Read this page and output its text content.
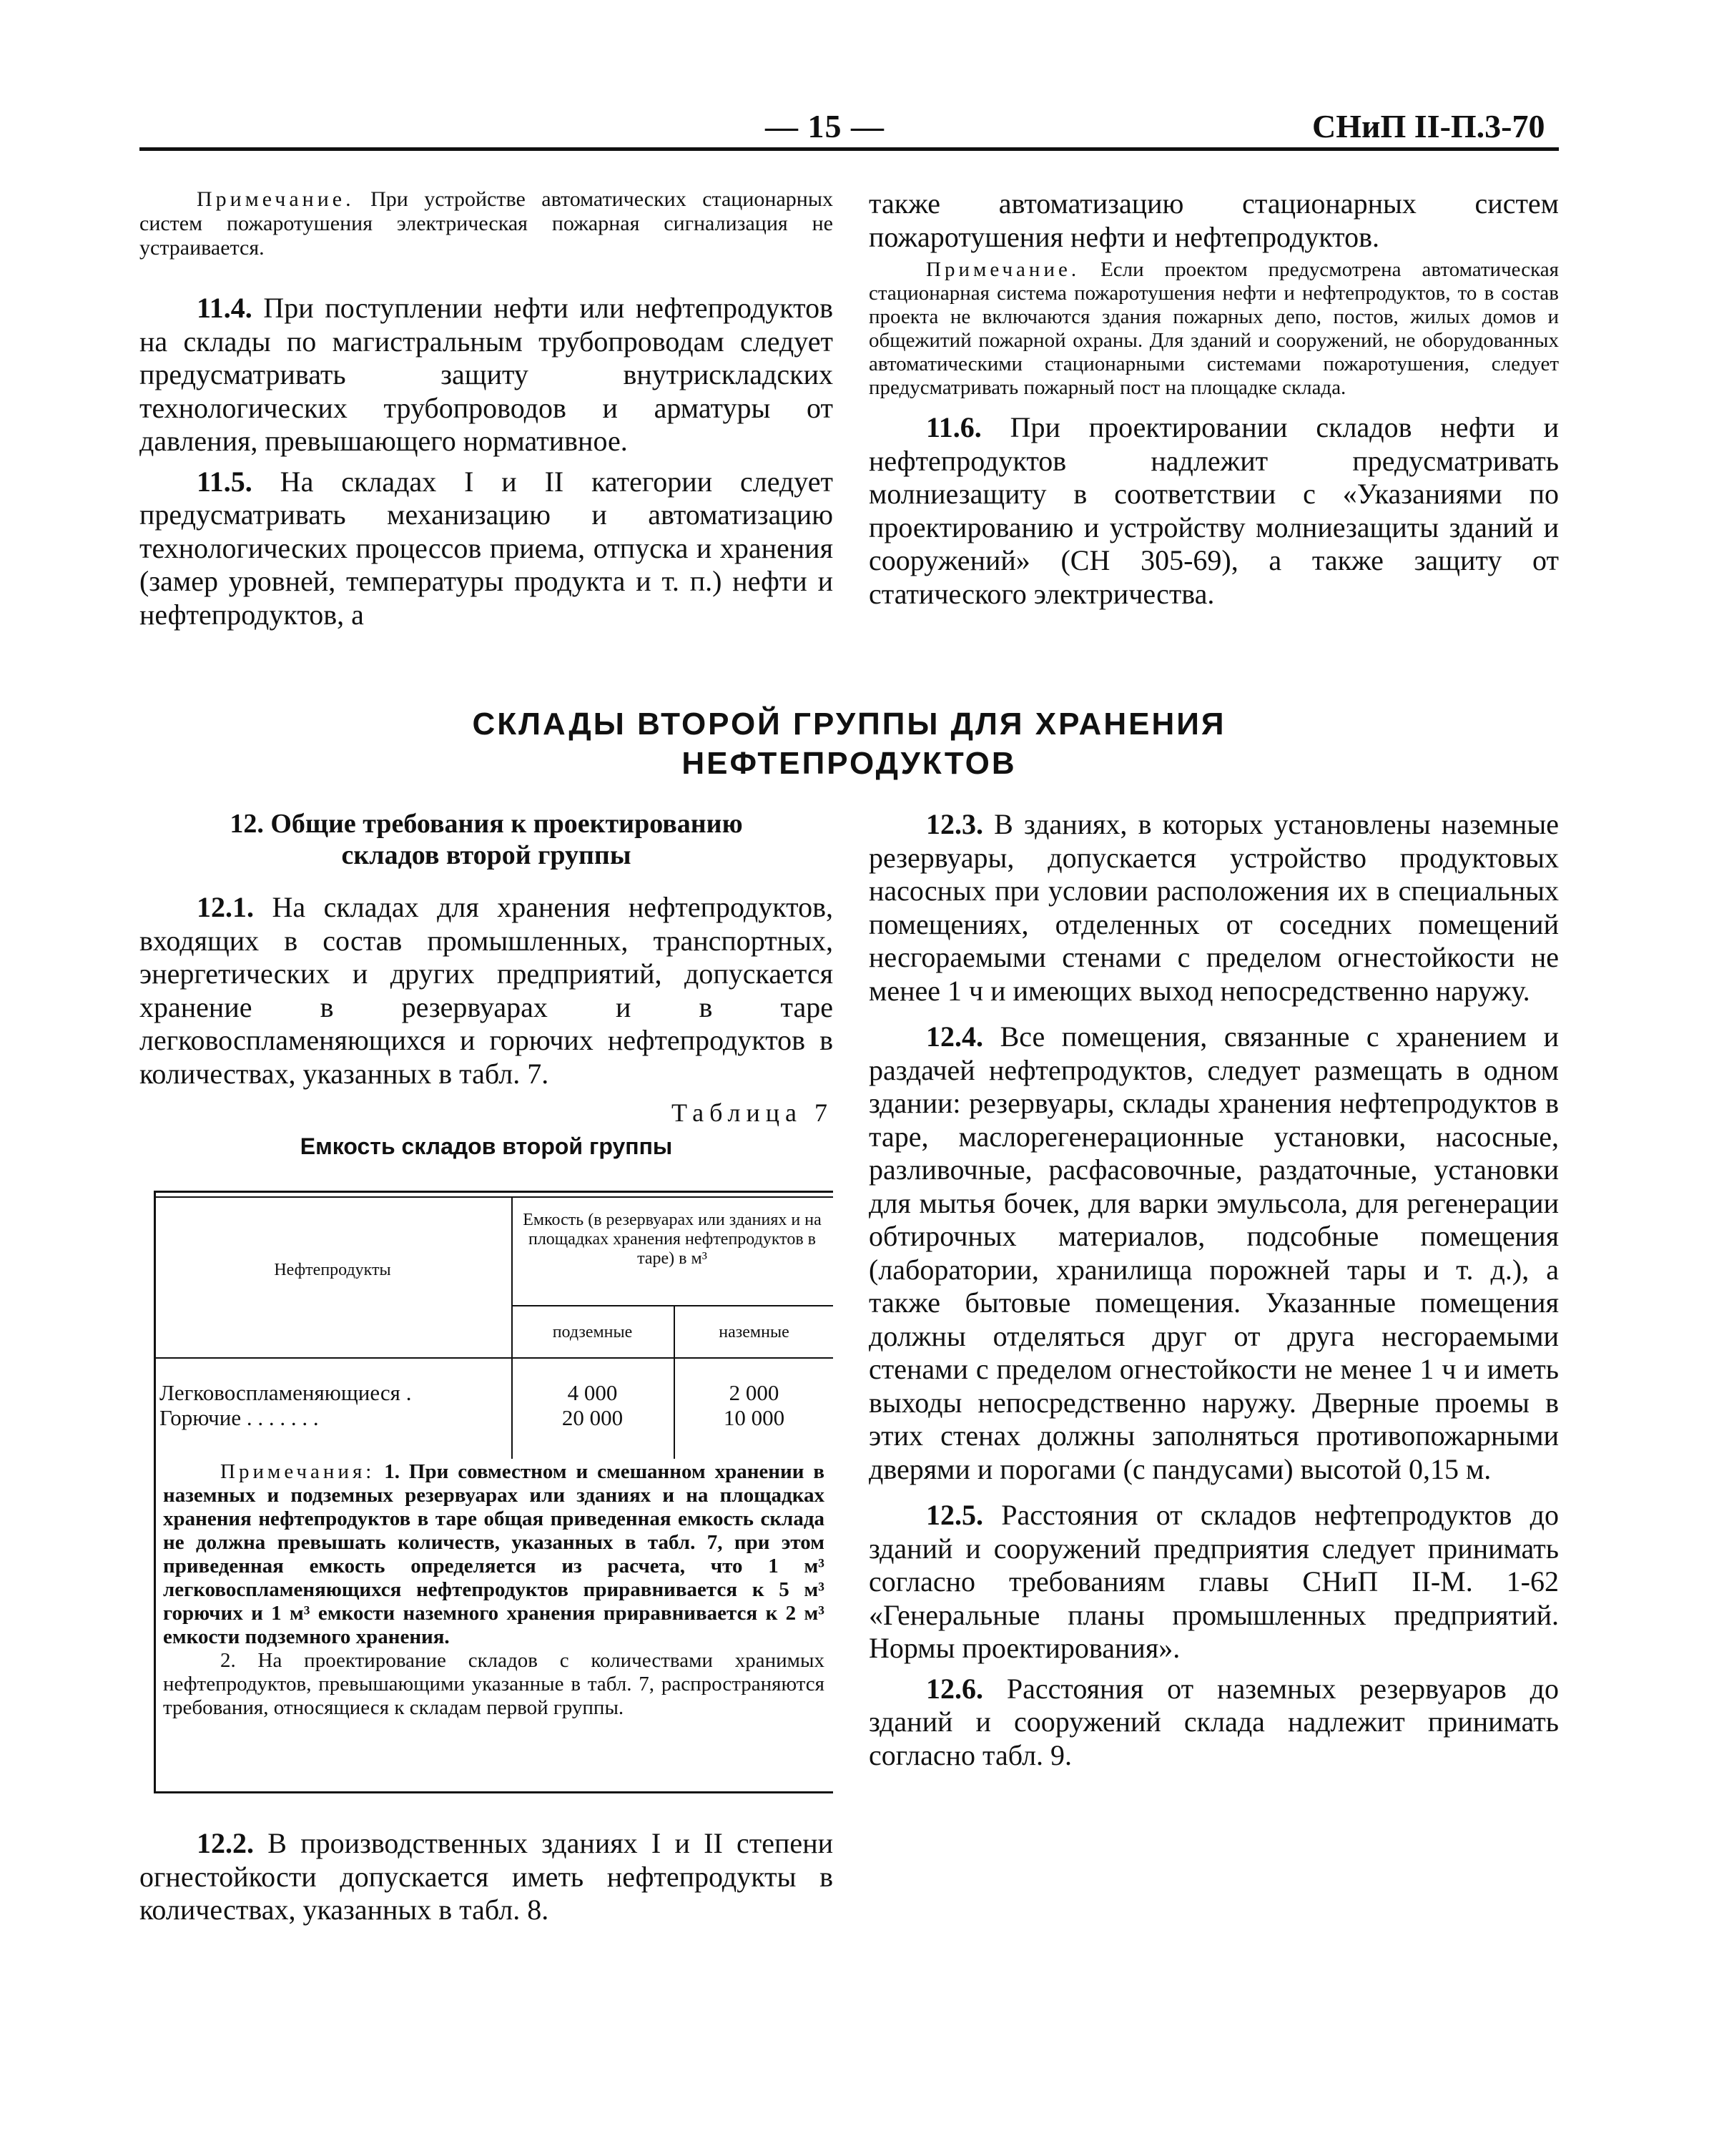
— 15 —	СНиП II-П.3-70

Примечание. При устройстве автоматических стационарных систем пожаротушения электрическая пожарная сигнализация не устраивается.

11.4. При поступлении нефти или нефтепродуктов на склады по магистральным трубопроводам следует предусматривать защиту внутрискладских технологических трубопроводов и арматуры от давления, превышающего нормативное.

11.5. На складах I и II категории следует предусматривать механизацию и автоматизацию технологических процессов приема, отпуска и хранения (замер уровней, температуры продукта и т. п.) нефти и нефтепродуктов, а

также автоматизацию стационарных систем пожаротушения нефти и нефтепродуктов.

Примечание. Если проектом предусмотрена автоматическая стационарная система пожаротушения нефти и нефтепродуктов, то в состав проекта не включаются здания пожарных депо, постов, жилых домов и общежитий пожарной охраны. Для зданий и сооружений, не оборудованных автоматическими стационарными системами пожаротушения, следует предусматривать пожарный пост на площадке склада.

11.6. При проектировании складов нефти и нефтепродуктов надлежит предусматривать молниезащиту в соответствии с «Указаниями по проектированию и устройству молниезащиты зданий и сооружений» (СН 305-69), а также защиту от статического электричества.

СКЛАДЫ ВТОРОЙ ГРУППЫ ДЛЯ ХРАНЕНИЯ
НЕФТЕПРОДУКТОВ

12. Общие требования к проектированию

складов второй группы

12.1. На складах для хранения нефтепродуктов, входящих в состав промышленных, транспортных, энергетических и других предприятий, допускается хранение в резервуарах и в таре легковоспламеняющихся и горючих нефтепродуктов в количествах, указанных в табл. 7.

Таблица 7

Емкость складов второй группы

Нефтепродукты
Емкость (в резервуарах или зданиях и на площадках хранения нефтепродуктов в таре) в м³
подземные	наземные
Легковоспламеняющиеся .	4 000	2 000
Горючие . . . . . . .	20 000	10 000

Примечания: 1. При совместном и смешанном хранении в наземных и подземных резервуарах или зданиях и на площадках хранения нефтепродуктов в таре общая приведенная емкость склада не должна превышать количеств, указанных в табл. 7, при этом приведенная емкость определяется из расчета, что 1 м³ легковоспламеняющихся нефтепродуктов приравнивается к 5 м³ горючих и 1 м³ емкости наземного хранения приравнивается к 2 м³ емкости подземного хранения.

2. На проектирование складов с количествами хранимых нефтепродуктов, превышающими указанные в табл. 7, распространяются требования, относящиеся к складам первой группы.

12.2. В производственных зданиях I и II степени огнестойкости допускается иметь нефтепродукты в количествах, указанных в табл. 8.

12.3. В зданиях, в которых установлены наземные резервуары, допускается устройство продуктовых насосных при условии расположения их в специальных помещениях, отделенных от соседних помещений несгораемыми стенами с пределом огнестойкости не менее 1 ч и имеющих выход непосредственно наружу.

12.4. Все помещения, связанные с хранением и раздачей нефтепродуктов, следует размещать в одном здании: резервуары, склады хранения нефтепродуктов в таре, маслорегенерационные установки, насосные, разливочные, расфасовочные, раздаточные, установки для мытья бочек, для варки эмульсола, для регенерации обтирочных материалов, подсобные помещения (лаборатории, хранилища порожней тары и т. д.), а также бытовые помещения. Указанные помещения должны отделяться друг от друга несгораемыми стенами с пределом огнестойкости не менее 1 ч и иметь выходы непосредственно наружу. Дверные проемы в этих стенах должны заполняться противопожарными дверями и порогами (с пандусами) высотой 0,15 м.

12.5. Расстояния от складов нефтепродуктов до зданий и сооружений предприятия следует принимать согласно требованиям главы СНиП II-М. 1-62 «Генеральные планы промышленных предприятий. Нормы проектирования».

12.6. Расстояния от наземных резервуаров до зданий и сооружений склада надлежит принимать согласно табл. 9.
